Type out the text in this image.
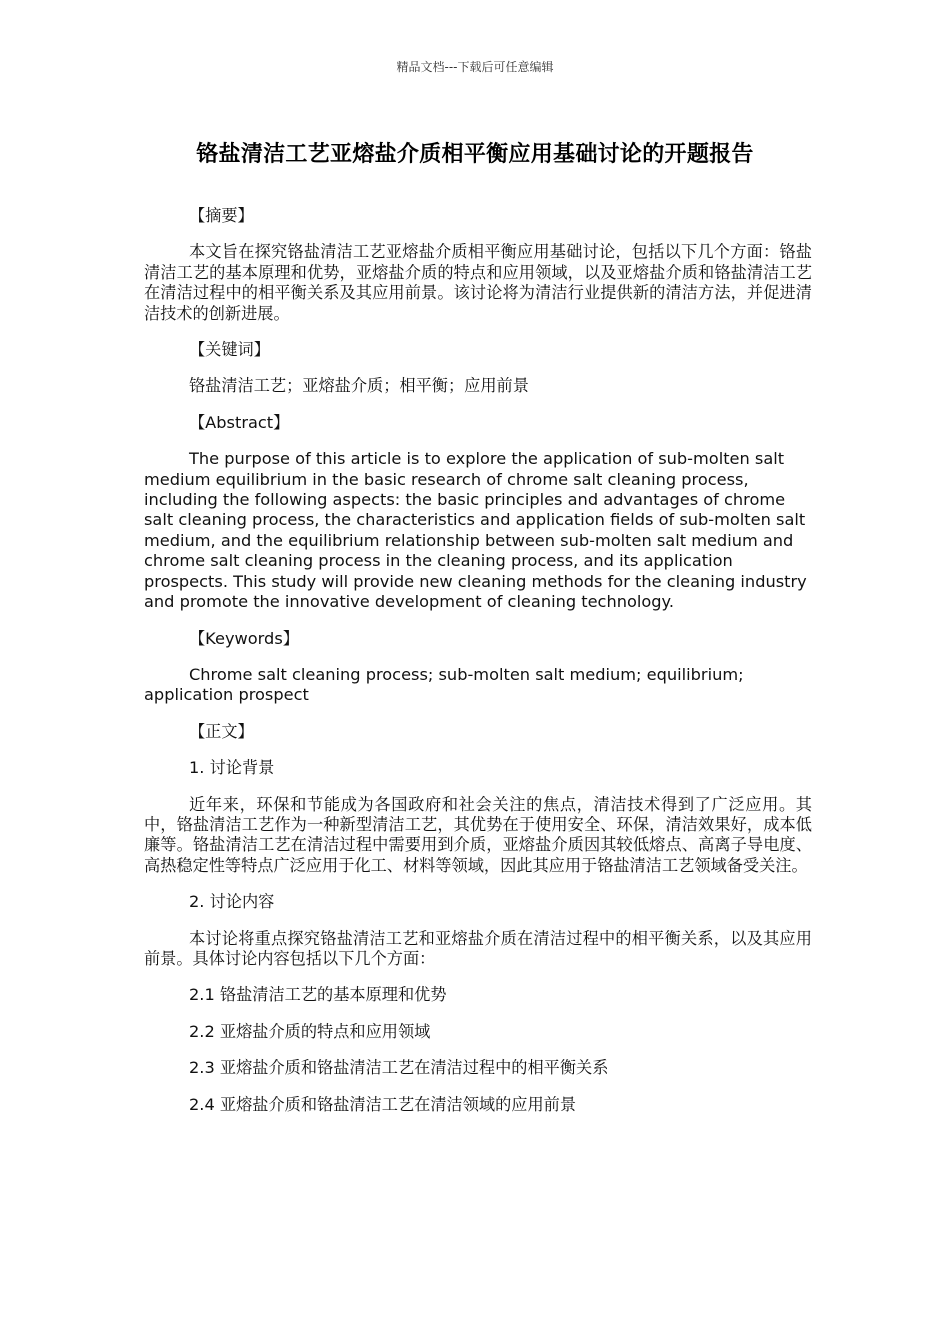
精品文档---下载后可任意编辑
铬盐清洁工艺亚熔盐介质相平衡应用基础讨论的开题报告

【摘要】

本文旨在探究铬盐清洁工艺亚熔盐介质相平衡应用基础讨论，包括以下几个方面：铬盐清洁工艺的基本原理和优势，亚熔盐介质的特点和应用领域，以及亚熔盐介质和铬盐清洁工艺在清洁过程中的相平衡关系及其应用前景。该讨论将为清洁行业提供新的清洁方法，并促进清洁技术的创新进展。

【关键词】

铬盐清洁工艺；亚熔盐介质；相平衡；应用前景

【Abstract】

The purpose of this article is to explore the application of sub-molten salt medium equilibrium in the basic research of chrome salt cleaning process, including the following aspects: the basic principles and advantages of chrome salt cleaning process, the characteristics and application fields of sub-molten salt medium, and the equilibrium relationship between sub-molten salt medium and chrome salt cleaning process in the cleaning process, and its application prospects. This study will provide new cleaning methods for the cleaning industry and promote the innovative development of cleaning technology.

【Keywords】

Chrome salt cleaning process; sub-molten salt medium; equilibrium; application prospect

【正文】

1. 讨论背景

近年来，环保和节能成为各国政府和社会关注的焦点，清洁技术得到了广泛应用。其中，铬盐清洁工艺作为一种新型清洁工艺，其优势在于使用安全、环保，清洁效果好，成本低廉等。铬盐清洁工艺在清洁过程中需要用到介质，亚熔盐介质因其较低熔点、高离子导电度、高热稳定性等特点广泛应用于化工、材料等领域，因此其应用于铬盐清洁工艺领域备受关注。

2. 讨论内容

本讨论将重点探究铬盐清洁工艺和亚熔盐介质在清洁过程中的相平衡关系，以及其应用前景。具体讨论内容包括以下几个方面：

2.1 铬盐清洁工艺的基本原理和优势

2.2 亚熔盐介质的特点和应用领域

2.3 亚熔盐介质和铬盐清洁工艺在清洁过程中的相平衡关系

2.4 亚熔盐介质和铬盐清洁工艺在清洁领域的应用前景
